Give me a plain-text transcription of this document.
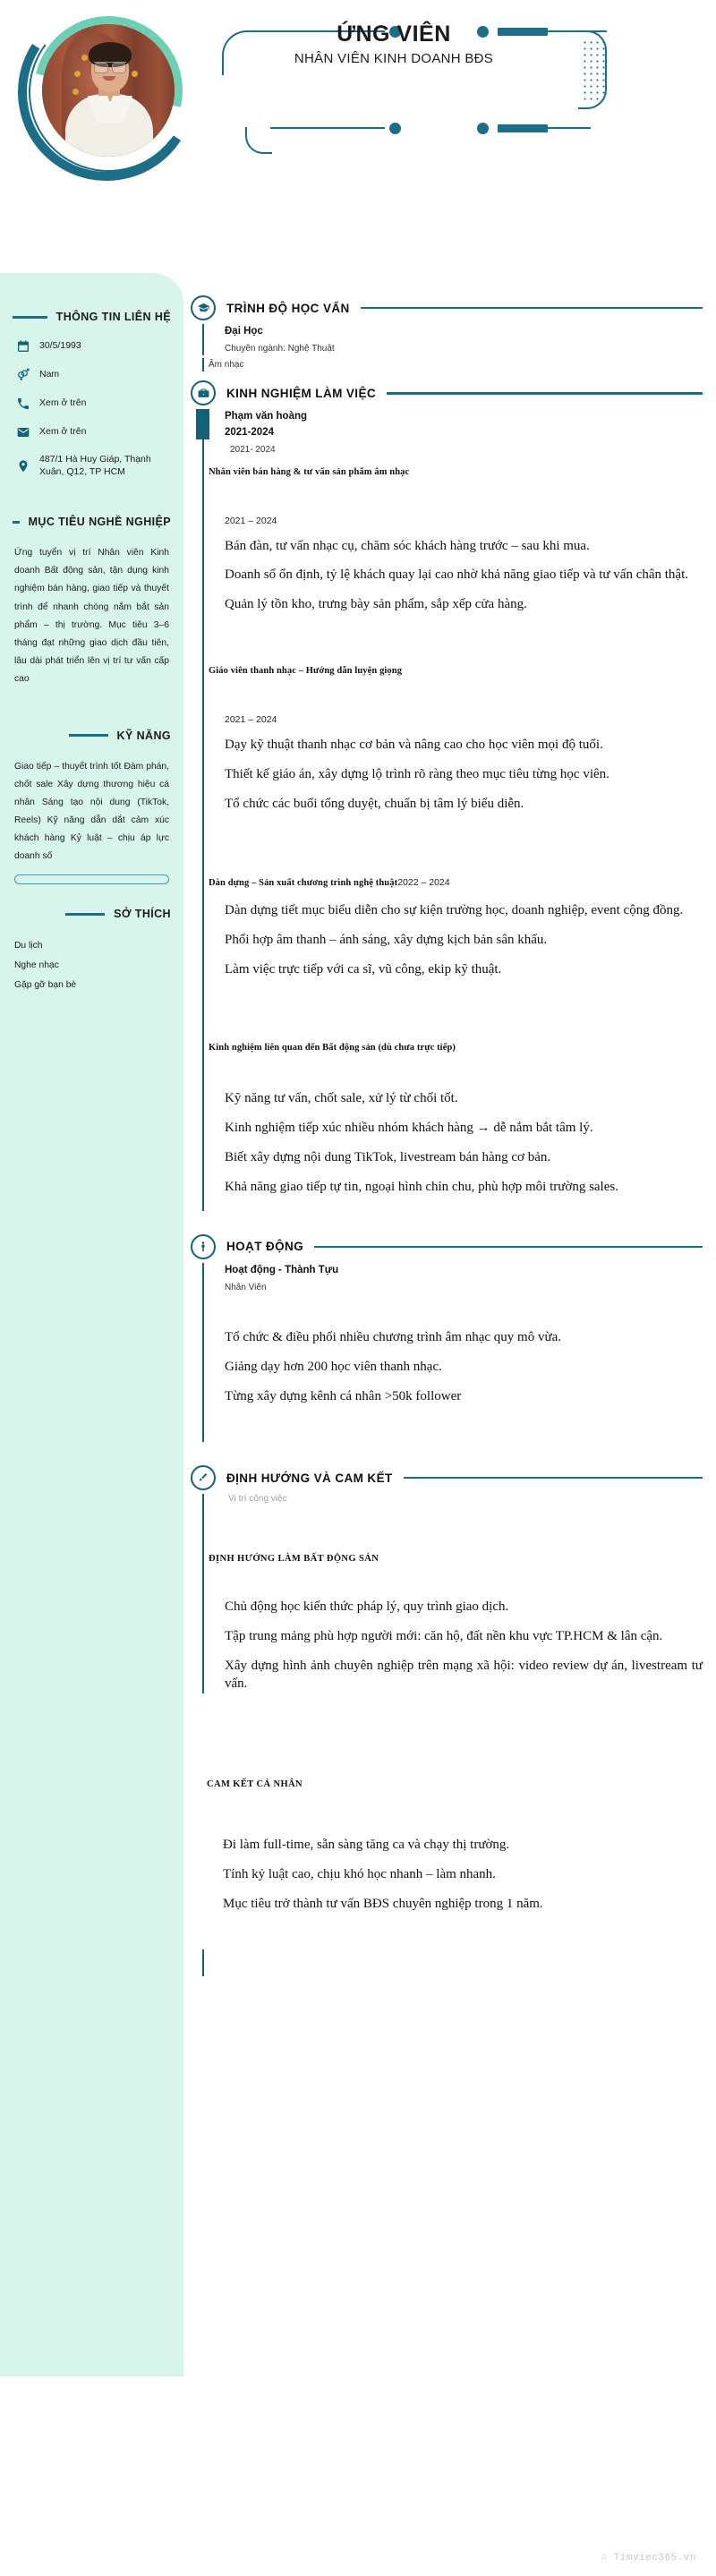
ỨNG VIÊN
NHÂN VIÊN KINH DOANH BĐS
THÔNG TIN LIÊN HỆ
30/5/1993
Nam
Xem ở trên
Xem ở trên
487/1 Hà Huy Giáp, Thạnh Xuân, Q12, TP HCM
MỤC TIÊU NGHỀ NGHIỆP
Ứng tuyển vị trí Nhân viên Kinh doanh Bất động sản, tận dụng kinh nghiệm bán hàng, giao tiếp và thuyết trình để nhanh chóng nắm bắt sản phẩm – thị trường. Mục tiêu 3–6 tháng đạt những giao dịch đầu tiên, lâu dài phát triển lên vị trí tư vấn cấp cao
KỸ NĂNG
Giao tiếp – thuyết trình tốt Đàm phán, chốt sale Xây dựng thương hiệu cá nhân Sáng tạo nội dung (TikTok, Reels) Kỹ năng dẫn dắt cảm xúc khách hàng Kỷ luật – chịu áp lực doanh số
SỞ THÍCH
Du lịch
Nghe nhạc
Gặp gỡ bạn bè
TRÌNH ĐỘ HỌC VẤN
Đại Học
Chuyên ngành: Nghệ Thuật
Âm nhạc
KINH NGHIỆM LÀM VIỆC
Phạm văn hoàng
2021-2024
2021- 2024
Nhân viên bán hàng & tư vấn sản phẩm âm nhạc
2021 – 2024
Bán đàn, tư vấn nhạc cụ, chăm sóc khách hàng trước – sau khi mua.
Doanh số ổn định, tỷ lệ khách quay lại cao nhờ khả năng giao tiếp và tư vấn chân thật.
Quản lý tồn kho, trưng bày sản phẩm, sắp xếp cửa hàng.
Giáo viên thanh nhạc – Hướng dẫn luyện giọng
2021 – 2024
Dạy kỹ thuật thanh nhạc cơ bản và nâng cao cho học viên mọi độ tuổi.
Thiết kế giáo án, xây dựng lộ trình rõ ràng theo mục tiêu từng học viên.
Tổ chức các buổi tổng duyệt, chuẩn bị tâm lý biểu diễn.
Dàn dựng – Sản xuất chương trình nghệ thuật 2022 – 2024
Dàn dựng tiết mục biểu diễn cho sự kiện trường học, doanh nghiệp, event cộng đồng.
Phối hợp âm thanh – ánh sáng, xây dựng kịch bản sân khấu.
Làm việc trực tiếp với ca sĩ, vũ công, ekip kỹ thuật.
Kinh nghiệm liên quan đến Bất động sản (dù chưa trực tiếp)
Kỹ năng tư vấn, chốt sale, xử lý từ chối tốt.
Kinh nghiệm tiếp xúc nhiều nhóm khách hàng → dễ nắm bắt tâm lý.
Biết xây dựng nội dung TikTok, livestream bán hàng cơ bản.
Khả năng giao tiếp tự tin, ngoại hình chỉn chu, phù hợp môi trường sales.
HOẠT ĐỘNG
Hoạt động - Thành Tựu
Nhân Viên
Tổ chức & điều phối nhiều chương trình âm nhạc quy mô vừa.
Giảng dạy hơn 200 học viên thanh nhạc.
Từng xây dựng kênh cá nhân >50k follower
ĐỊNH HƯỚNG VÀ CAM KẾT
Vị trí công việc
ĐỊNH HƯỚNG LÀM BẤT ĐỘNG SẢN
Chủ động học kiến thức pháp lý, quy trình giao dịch.
Tập trung mảng phù hợp người mới: căn hộ, đất nền khu vực TP.HCM & lân cận.
Xây dựng hình ảnh chuyên nghiệp trên mạng xã hội: video review dự án, livestream tư vấn.
CAM KẾT CÁ NHÂN
Đi làm full-time, sẵn sàng tăng ca và chạy thị trường.
Tính kỷ luật cao, chịu khó học nhanh – làm nhanh.
Mục tiêu trở thành tư vấn BĐS chuyên nghiệp trong 1 năm.
∴ Timviec365.vn
